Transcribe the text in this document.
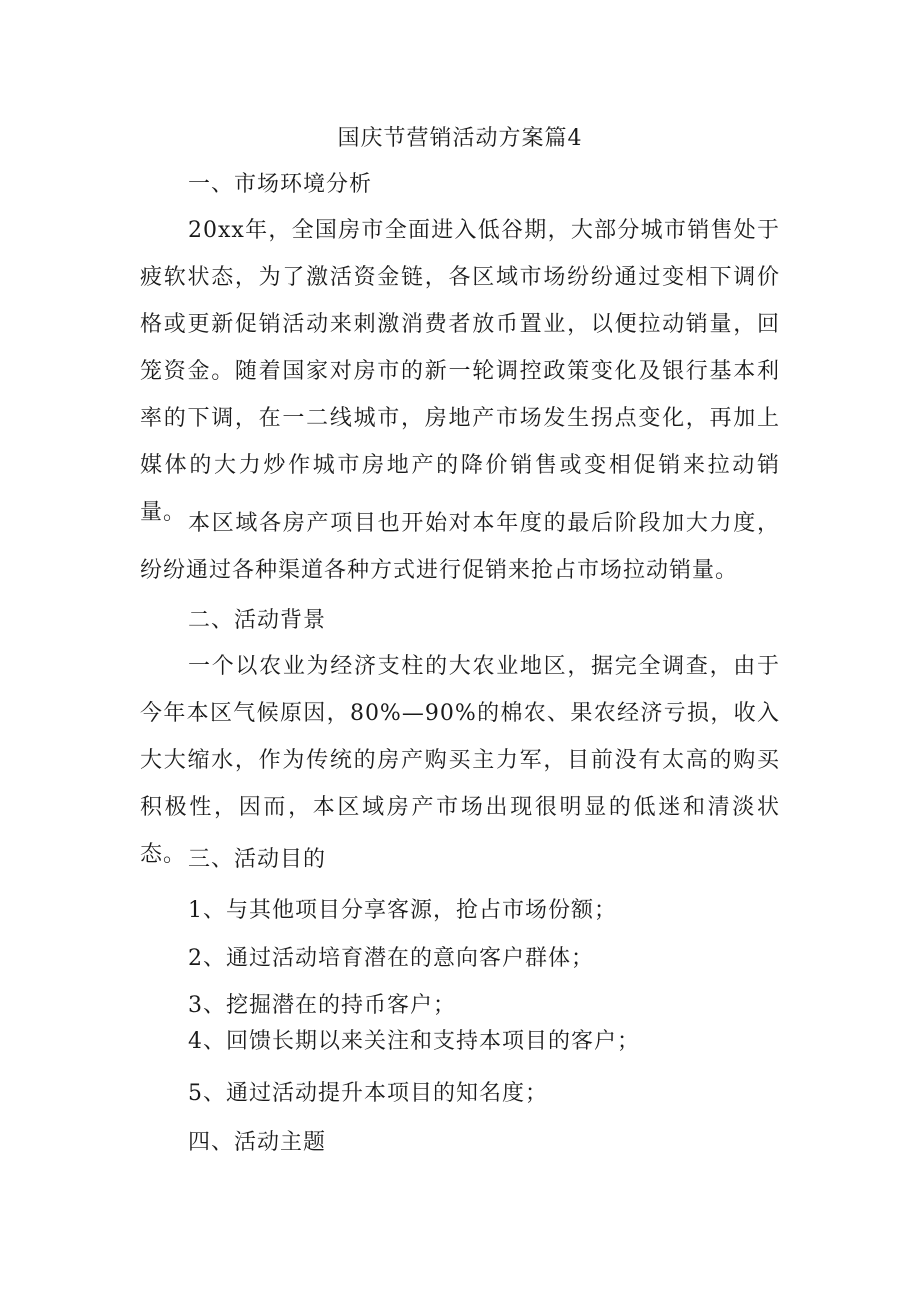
国庆节营销活动方案篇4
一、市场环境分析

20xx年，全国房市全面进入低谷期，大部分城市销售处于疲软状态，为了激活资金链，各区域市场纷纷通过变相下调价格或更新促销活动来刺激消费者放币置业，以便拉动销量，回笼资金。随着国家对房市的新一轮调控政策变化及银行基本利率的下调，在一二线城市，房地产市场发生拐点变化，再加上媒体的大力炒作城市房地产的降价销售或变相促销来拉动销量。 本区域各房产项目也开始对本年度的最后阶段加大力度，纷纷通过各种渠道各种方式进行促销来抢占市场拉动销量。

二、活动背景

一个以农业为经济支柱的大农业地区，据完全调查，由于今年本区气候原因，80%—90%的棉农、果农经济亏损，收入大大缩水，作为传统的房产购买主力军，目前没有太高的购买积极性，因而，本区域房产市场出现很明显的低迷和清淡状态。 三、活动目的
1、与其他项目分享客源，抢占市场份额；
2、通过活动培育潜在的意向客户群体；
3、挖掘潜在的持币客户；
4、回馈长期以来关注和支持本项目的客户；
5、通过活动提升本项目的知名度；
四、活动主题
